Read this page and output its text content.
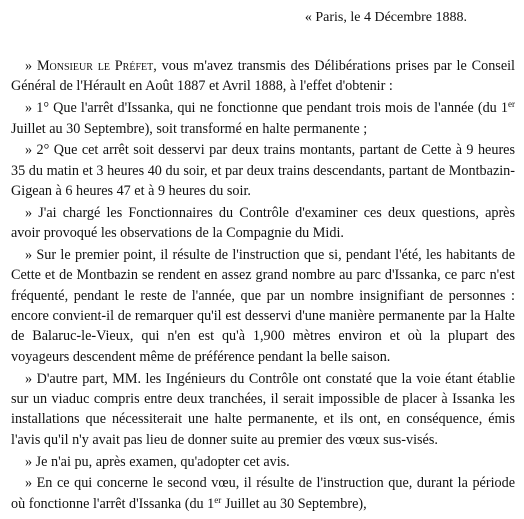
« Paris, le 4 Décembre 1888.

» Monsieur le Préfet, vous m'avez transmis des Délibérations prises par le Conseil Général de l'Hérault en Août 1887 et Avril 1888, à l'effet d'obtenir :

» 1° Que l'arrêt d'Issanka, qui ne fonctionne que pendant trois mois de l'année (du 1er Juillet au 30 Septembre), soit transformé en halte permanente ;

» 2° Que cet arrêt soit desservi par deux trains montants, partant de Cette à 9 heures 35 du matin et 3 heures 40 du soir, et par deux trains descendants, partant de Montbazin-Gigean à 6 heures 47 et à 9 heures du soir.

» J'ai chargé les Fonctionnaires du Contrôle d'examiner ces deux questions, après avoir provoqué les observations de la Compagnie du Midi.

» Sur le premier point, il résulte de l'instruction que si, pendant l'été, les habitants de Cette et de Montbazin se rendent en assez grand nombre au parc d'Issanka, ce parc n'est fréquenté, pendant le reste de l'année, que par un nombre insignifiant de personnes : encore convient-il de remarquer qu'il est desservi d'une manière permanente par la Halte de Balaruc-le-Vieux, qui n'en est qu'à 1,900 mètres environ et où la plupart des voyageurs descendent même de préférence pendant la belle saison.

» D'autre part, MM. les Ingénieurs du Contrôle ont constaté que la voie étant établie sur un viaduc compris entre deux tranchées, il serait impossible de placer à Issanka les installations que nécessiterait une halte permanente, et ils ont, en conséquence, émis l'avis qu'il n'y avait pas lieu de donner suite au premier des vœux sus-visés.

» Je n'ai pu, après examen, qu'adopter cet avis.

» En ce qui concerne le second vœu, il résulte de l'instruction que, durant la période où fonctionne l'arrêt d'Issanka (du 1er Juillet au 30 Septembre),
